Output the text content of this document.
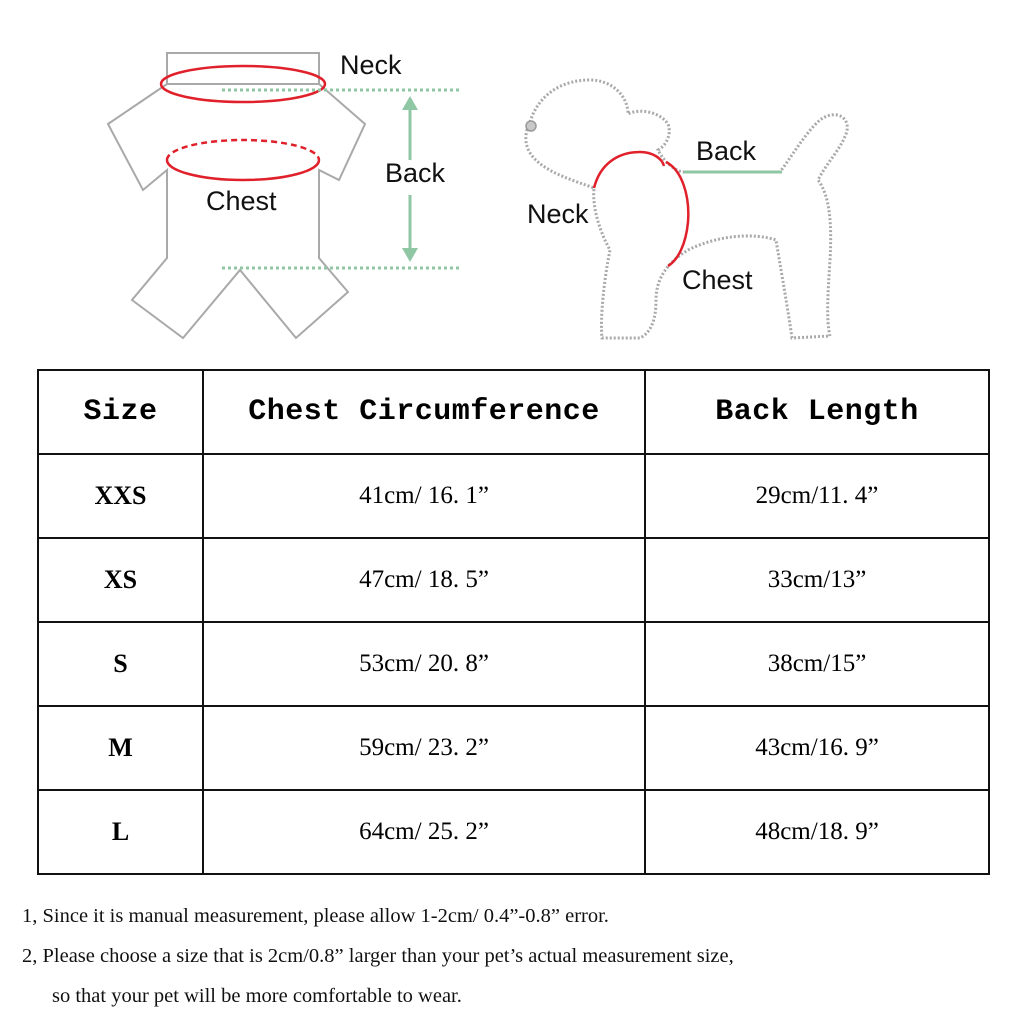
Neck
Back
Chest
Back
Neck
Chest
Size	Chest Circumference	Back Length
XXS	41cm/ 16. 1”	29cm/11. 4”
XS	47cm/ 18. 5”	33cm/13”
S	53cm/ 20. 8”	38cm/15”
M	59cm/ 23. 2”	43cm/16. 9”
L	64cm/ 25. 2”	48cm/18. 9”

1, Since it is manual measurement, please allow 1-2cm/ 0.4”-0.8” error.

2, Please choose a size that is 2cm/0.8” larger than your pet’s actual measurement size,

so that your pet will be more comfortable to wear.
